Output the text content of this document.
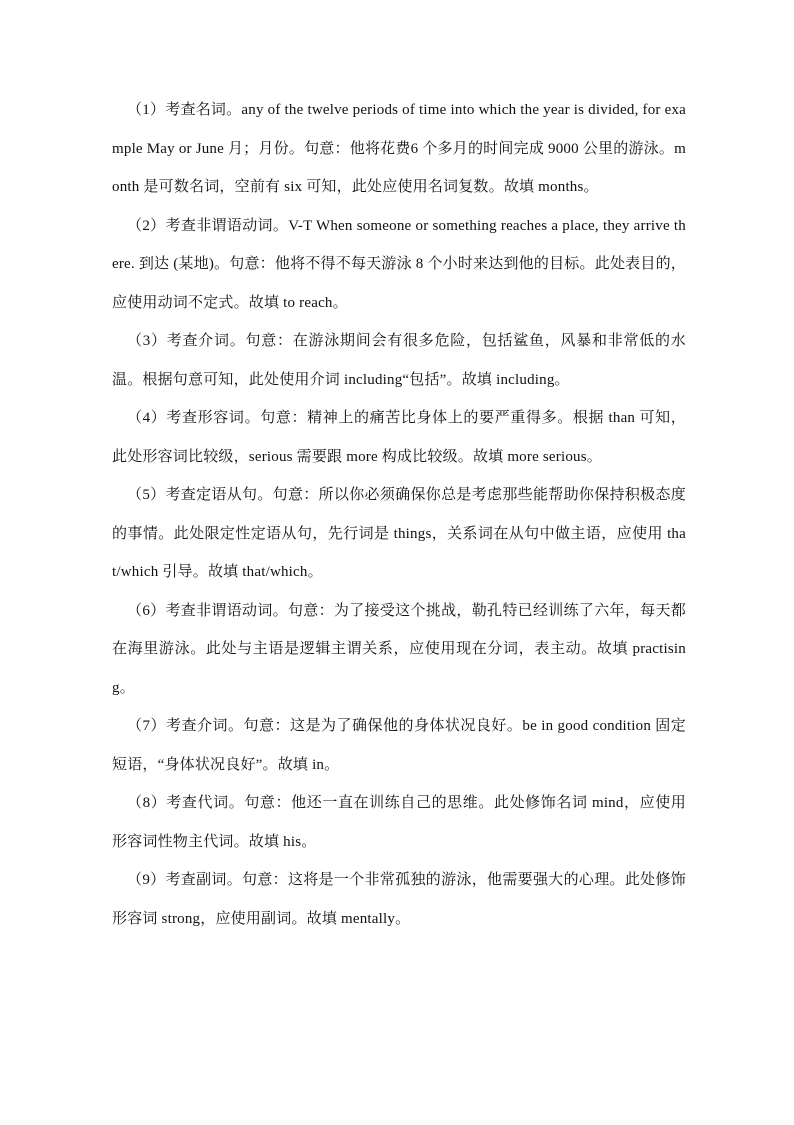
（1）考查名词。any of the twelve periods of time into which the year is divided, for example May or June 月；月份。句意：他将花费6 个多月的时间完成 9000 公里的游泳。month 是可数名词，空前有 six 可知，此处应使用名词复数。故填 months。

（2）考查非谓语动词。V-T When someone or something reaches a place, they arrive there. 到达 (某地)。句意：他将不得不每天游泳 8 个小时来达到他的目标。此处表目的，应使用动词不定式。故填 to reach。

（3）考查介词。句意：在游泳期间会有很多危险，包括鲨鱼，风暴和非常低的水温。根据句意可知，此处使用介词 including“包括”。故填 including。

（4）考查形容词。句意：精神上的痛苦比身体上的要严重得多。根据 than 可知，此处形容词比较级，serious 需要跟 more 构成比较级。故填 more serious。

（5）考查定语从句。句意：所以你必须确保你总是考虑那些能帮助你保持积极态度的事情。此处限定性定语从句，先行词是 things，关系词在从句中做主语，应使用 that/which 引导。故填 that/which。

（6）考查非谓语动词。句意：为了接受这个挑战，勒孔特已经训练了六年，每天都在海里游泳。此处与主语是逻辑主谓关系，应使用现在分词，表主动。故填 practising。

（7）考查介词。句意：这是为了确保他的身体状况良好。be in good condition 固定短语，“身体状况良好”。故填 in。

（8）考查代词。句意：他还一直在训练自己的思维。此处修饰名词 mind，应使用形容词性物主代词。故填 his。

（9）考查副词。句意：这将是一个非常孤独的游泳，他需要强大的心理。此处修饰形容词 strong，应使用副词。故填 mentally。
